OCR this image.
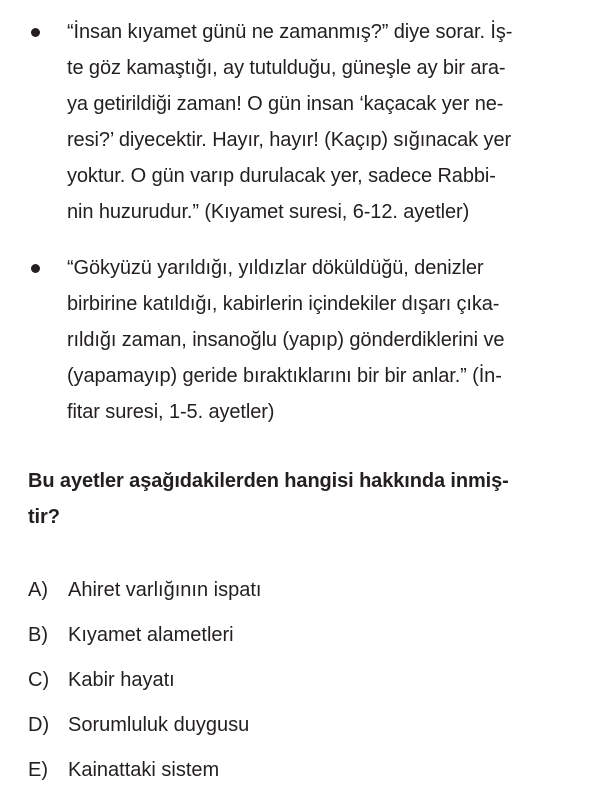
“İnsan kıyamet günü ne zamanmış?” diye sorar. İş-
te göz kamaştığı, ay tutulduğu, güneşle ay bir ara-
ya getirildiği zaman! O gün insan ‘kaçacak yer ne-
resi?’ diyecektir. Hayır, hayır! (Kaçıp) sığınacak yer
yoktur. O gün varıp durulacak yer, sadece Rabbi-
nin huzurudur.” (Kıyamet suresi, 6-12. ayetler)
“Gökyüzü yarıldığı, yıldızlar döküldüğü, denizler
birbirine katıldığı, kabirlerin içindekiler dışarı çıka-
rıldığı zaman, insanoğlu (yapıp) gönderdiklerini ve
(yapamayıp) geride bıraktıklarını bir bir anlar.” (İn-
fitar suresi, 1-5. ayetler)
Bu ayetler aşağıdakilerden hangisi hakkında inmiş-
tir?
A) Ahiret varlığının ispatı
B) Kıyamet alametleri
C) Kabir hayatı
D) Sorumluluk duygusu
E) Kainattaki sistem
